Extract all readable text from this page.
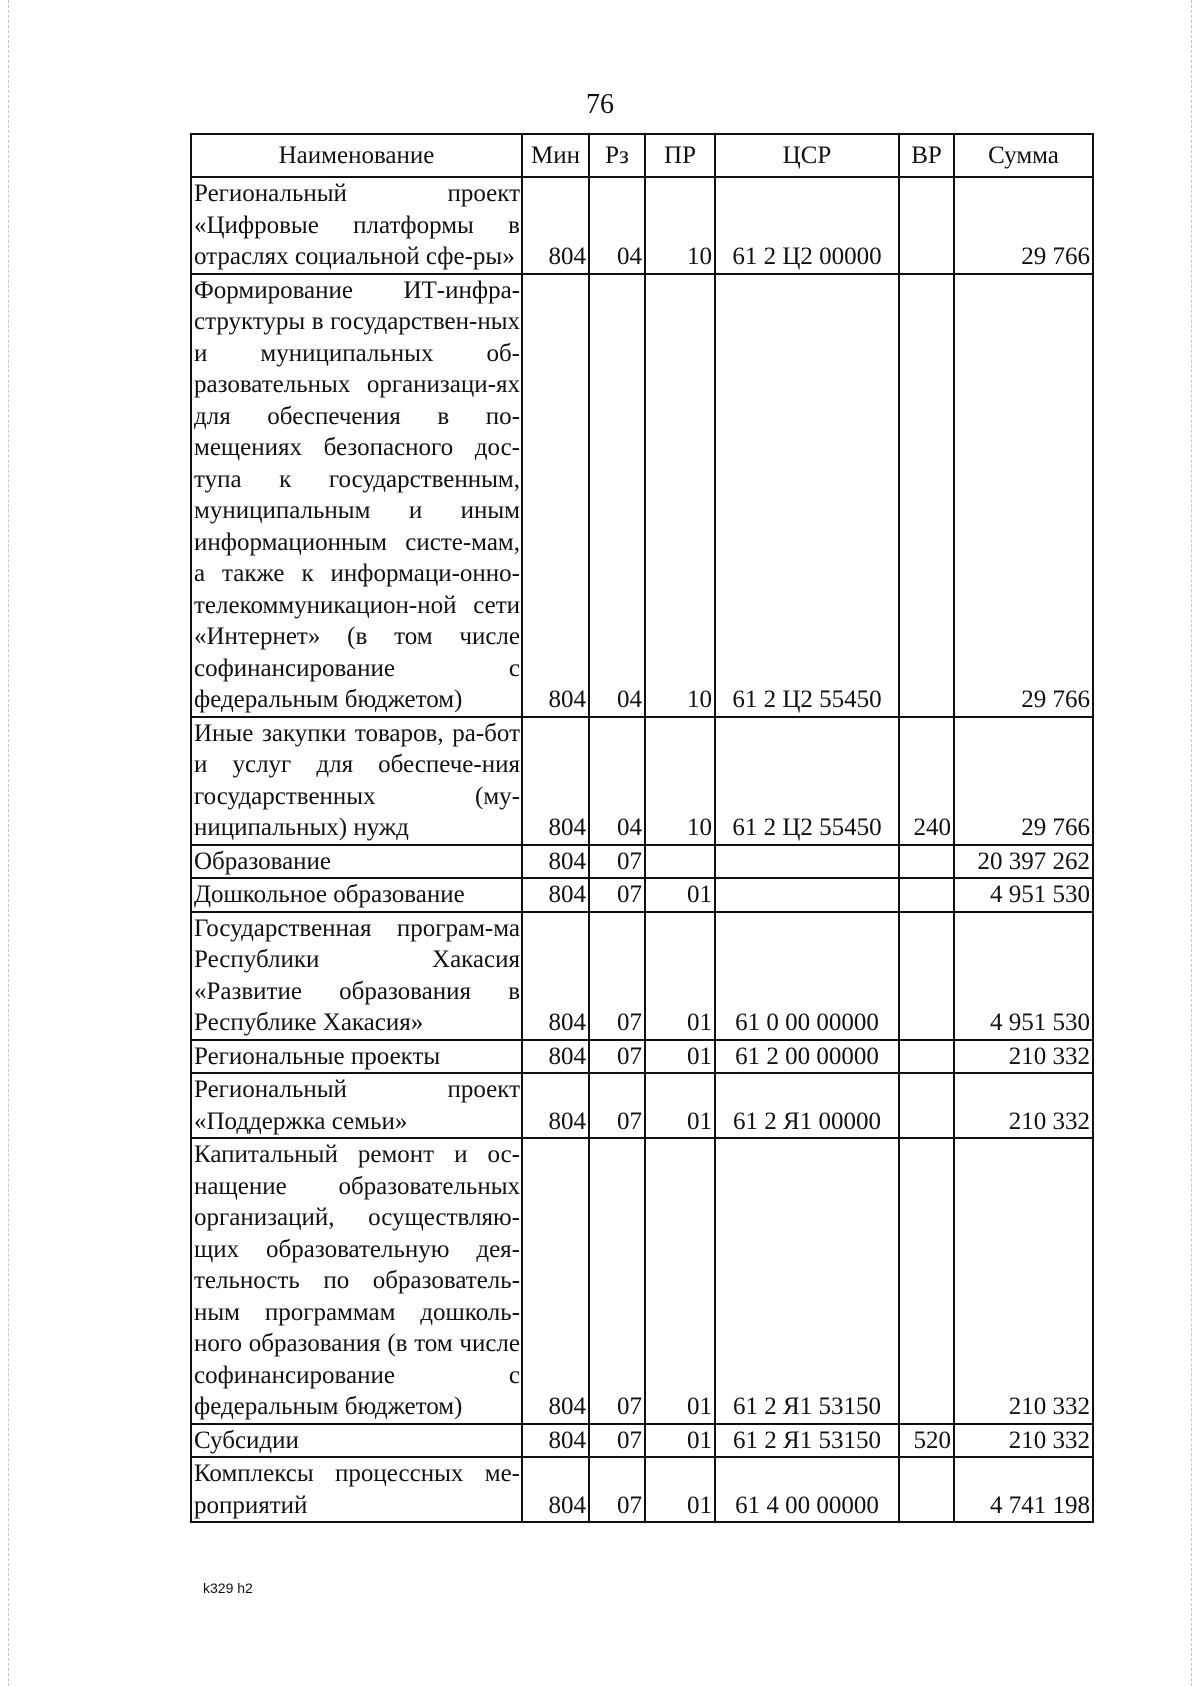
76
Наименование	Мин	Рз	ПР	ЦСР	ВР	Сумма
Региональный проект «Цифровые платформы в отраслях социальной сфе-ры»	804	04	10	61 2 Ц2 00000		29 766
Формирование ИТ-инфра-структуры в государствен-ных и муниципальных об-разовательных организаци-ях для обеспечения в по-мещениях безопасного дос-тупа к государственным, муниципальным и иным информационным систе-мам, а также к информаци-онно-телекоммуникацион-ной сети «Интернет» (в том числе софинансирование с федеральным бюджетом)	804	04	10	61 2 Ц2 55450		29 766
Иные закупки товаров, ра-бот и услуг для обеспече-ния государственных (му-ниципальных) нужд	804	04	10	61 2 Ц2 55450	240	29 766
Образование	804	07				20 397 262
Дошкольное образование	804	07	01			4 951 530
Государственная програм-ма Республики Хакасия «Развитие образования в Республике Хакасия»	804	07	01	61 0 00 00000		4 951 530
Региональные проекты	804	07	01	61 2 00 00000		210 332
Региональный проект «Поддержка семьи»	804	07	01	61 2 Я1 00000		210 332
Капитальный ремонт и ос-нащение образовательных организаций, осуществляю-щих образовательную дея-тельность по образователь-ным программам дошколь-ного образования (в том числе софинансирование с федеральным бюджетом)	804	07	01	61 2 Я1 53150		210 332
Субсидии	804	07	01	61 2 Я1 53150	520	210 332
Комплексы процессных ме-роприятий	804	07	01	61 4 00 00000		4 741 198
k329 h2
